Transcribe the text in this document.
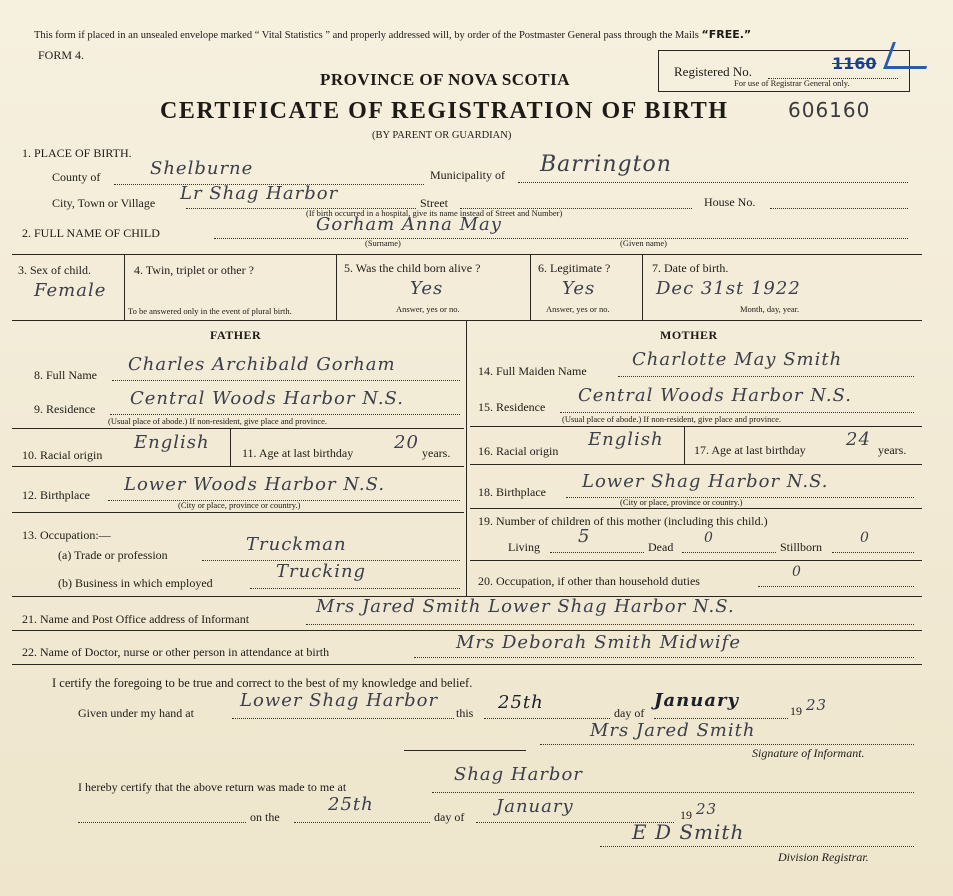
This form if placed in an unsealed envelope marked “ Vital Statistics ” and properly addressed will, by order of the Postmaster General pass through the Mails “FREE.”
FORM 4.
Registered No.
For use of Registrar General only.
1160
PROVINCE OF NOVA SCOTIA
CERTIFICATE OF REGISTRATION OF BIRTH	606160
(BY PARENT OR GUARDIAN)
1. PLACE OF BIRTH.
County of	Shelburne	Municipality of Barrington
City, Town or Village Lr Shag Harbor	Street	House No.
(If birth occurred in a hospital, give its name instead of Street and Number)
2. FULL NAME OF CHILD	Gorham Anna May
(Surname)	(Given name)
3. Sex of child.
Female
4. Twin, triplet or other ?
To be answered only in the event of plural birth.
5. Was the child born alive ?
Yes
Answer, yes or no.
6. Legitimate ?
Yes
Answer, yes or no.
7. Date of birth.
Dec 31st 1922
Month, day, year.
FATHER	MOTHER
8. Full Name Charles Archibald Gorham
9. Residence Central Woods Harbor N.S.
(Usual place of abode.) If non-resident, give place and province.
10. Racial origin
English	11. Age at last birthday 20 years.
12. Birthplace Lower Woods Harbor N.S.
(City or place, province or country.)
13. Occupation:—
(a) Trade or profession	Truckman
(b) Business in which employed
Trucking
14. Full Maiden Name
Charlotte May Smith
15. Residence
Central Woods Harbor N.S.
(Usual place of abode.) If non-resident, give place and province.
16. Racial origin
English	17. Age at last birthday 24 years.
18. Birthplace Lower Shag Harbor N.S.
(City or place, province or country.)
19. Number of children of this mother (including this child.)
Living 5	Dead
0
Stillborn
0
20. Occupation, if other than household duties
0
21. Name and Post Office address of Informant
Mrs Jared Smith Lower Shag Harbor N.S.
22. Name of Doctor, nurse or other person in attendance at birth	Mrs Deborah Smith Midwife
I certify the foregoing to be true and correct to the best of my knowledge and belief.
Given under my hand at
Lower Shag Harbor
this 25th	day of
January	19 23
Mrs Jared Smith
Signature of Informant.
I hereby certify that the above return was made to me at
Shag Harbor
on the
25th
day of January	19 23
E D Smith
Division Registrar.
